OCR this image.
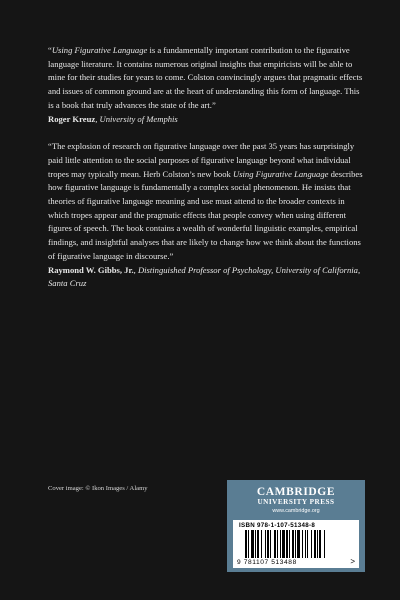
“Using Figurative Language is a fundamentally important contribution to the figurative language literature. It contains numerous original insights that empiricists will be able to mine for their studies for years to come. Colston convincingly argues that pragmatic effects and issues of common ground are at the heart of understanding this form of language. This is a book that truly advances the state of the art.”

Roger Kreuz, University of Memphis

“The explosion of research on figurative language over the past 35 years has surprisingly paid little attention to the social purposes of figurative language beyond what individual tropes may typically mean. Herb Colston’s new book Using Figurative Language describes how figurative language is fundamentally a complex social phenomenon. He insists that theories of figurative language meaning and use must attend to the broader contexts in which tropes appear and the pragmatic effects that people convey when using different figures of speech. The book contains a wealth of wonderful linguistic examples, empirical findings, and insightful analyses that are likely to change how we think about the functions of figurative language in discourse.”

Raymond W. Gibbs, Jr., Distinguished Professor of Psychology, University of California, Santa Cruz

Cover image: © Ikon Images / Alamy	CAMBRIDGE
UNIVERSITY PRESS
www.cambridge.org
ISBN 978-1-107-51348-8
9 781107 513488	>
